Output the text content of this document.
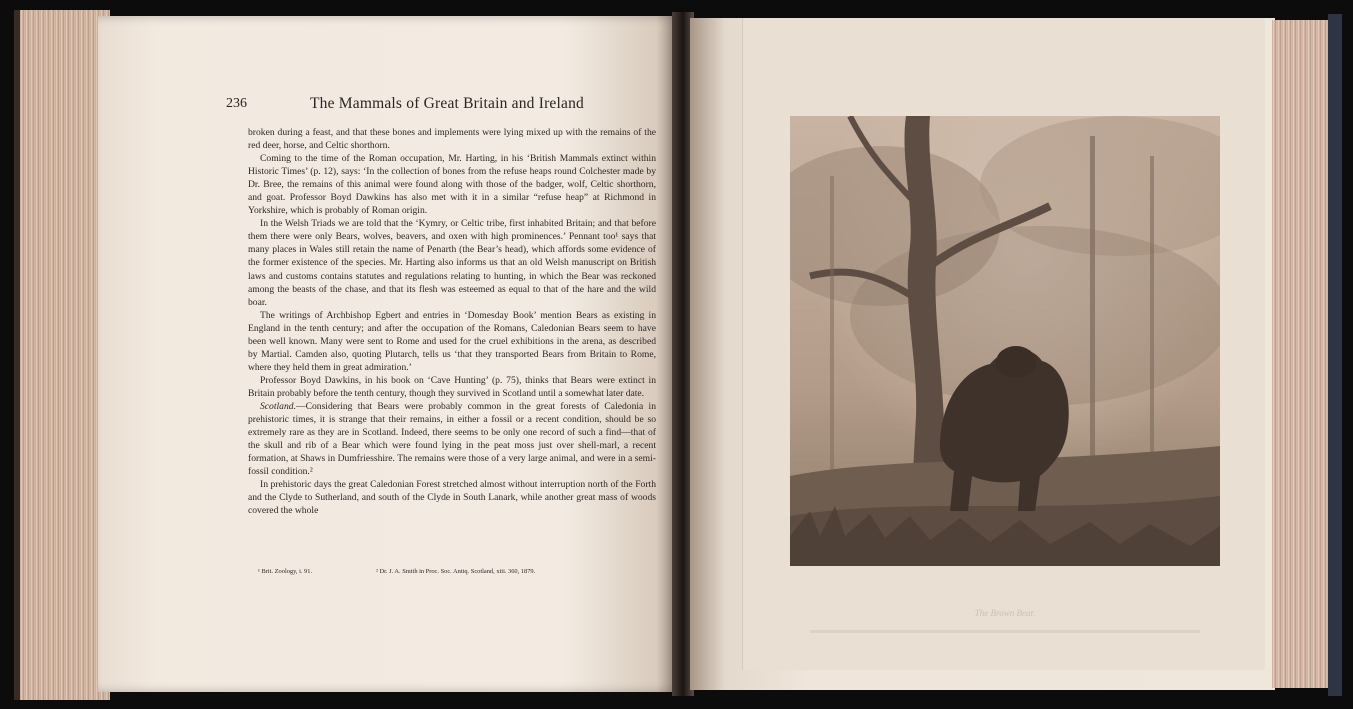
236	The Mammals of Great Britain and Ireland

broken during a feast, and that these bones and implements were lying mixed up with the remains of the red deer, horse, and Celtic shorthorn.

Coming to the time of the Roman occupation, Mr. Harting, in his ‘British Mammals extinct within Historic Times’ (p. 12), says: ‘In the collection of bones from the refuse heaps round Colchester made by Dr. Bree, the remains of this animal were found along with those of the badger, wolf, Celtic shorthorn, and goat. Professor Boyd Dawkins has also met with it in a similar “refuse heap” at Richmond in Yorkshire, which is probably of Roman origin.

In the Welsh Triads we are told that the ‘Kymry, or Celtic tribe, first inhabited Britain; and that before them there were only Bears, wolves, beavers, and oxen with high prominences.’ Pennant too¹ says that many places in Wales still retain the name of Penarth (the Bear’s head), which affords some evidence of the former existence of the species. Mr. Harting also informs us that an old Welsh manuscript on British laws and customs contains statutes and regulations relating to hunting, in which the Bear was reckoned among the beasts of the chase, and that its flesh was esteemed as equal to that of the hare and the wild boar.

The writings of Archbishop Egbert and entries in ‘Domesday Book’ mention Bears as existing in England in the tenth century; and after the occupation of the Romans, Caledonian Bears seem to have been well known. Many were sent to Rome and used for the cruel exhibitions in the arena, as described by Martial. Camden also, quoting Plutarch, tells us ‘that they transported Bears from Britain to Rome, where they held them in great admiration.’

Professor Boyd Dawkins, in his book on ‘Cave Hunting’ (p. 75), thinks that Bears were extinct in Britain probably before the tenth century, though they survived in Scotland until a somewhat later date.

Scotland.—Considering that Bears were probably common in the great forests of Caledonia in prehistoric times, it is strange that their remains, in either a fossil or a recent condition, should be so extremely rare as they are in Scotland. Indeed, there seems to be only one record of such a find—that of the skull and rib of a Bear which were found lying in the peat moss just over shell-marl, a recent formation, at Shaws in Dumfriesshire. The remains were those of a very large animal, and were in a semi-fossil condition.²

In prehistoric days the great Caledonian Forest stretched almost without interruption north of the Forth and the Clyde to Sutherland, and south of the Clyde in South Lanark, while another great mass of woods covered the whole

¹ Brit. Zoology, i. 91.	² Dr. J. A. Smith in Proc. Soc. Antiq. Scotland, xiii. 360, 1879.
The Brown Bear.
